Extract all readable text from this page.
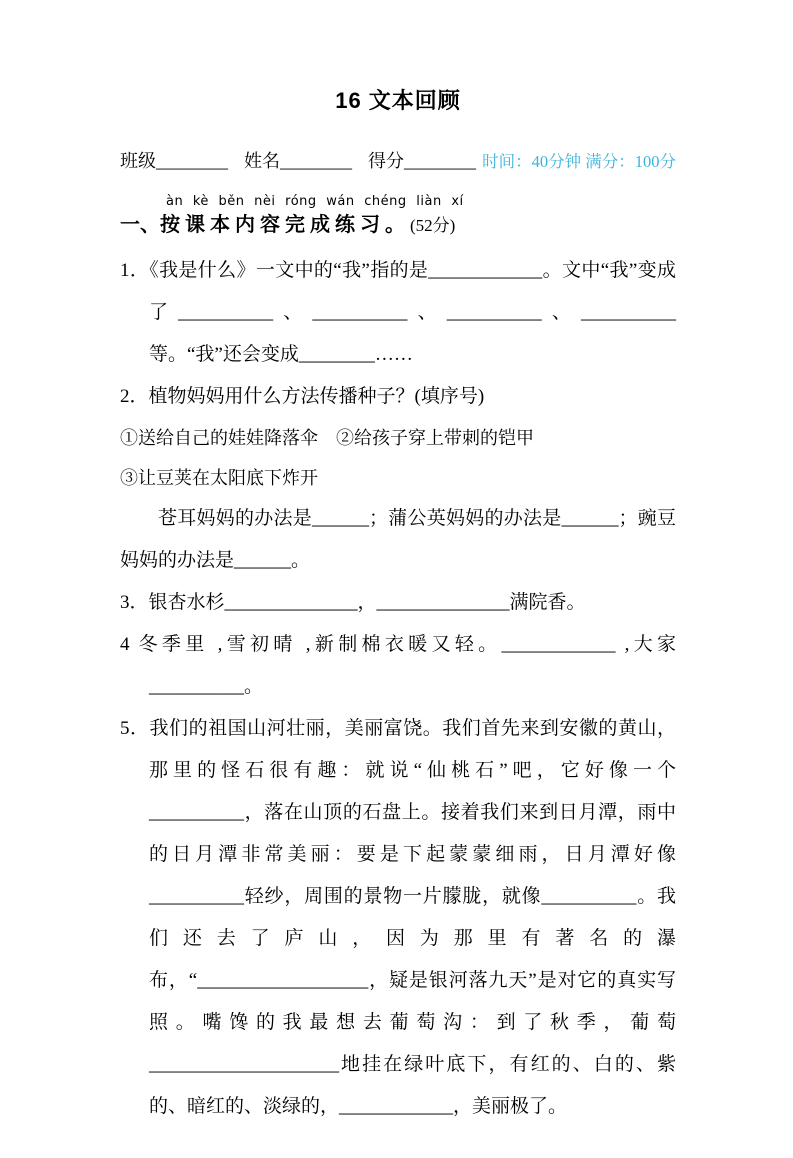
16 文本回顾
班级________ 姓名________ 得分________ 时间：40分钟 满分：100分
àn kè běn nèi róng wán chéng liàn xí
一、按课本内容完成练习。(52分)

1．《我是什么》一文中的“我”指的是____________。文中“我”变成了__________、__________、__________、__________等。“我”还会变成________……

2．植物妈妈用什么方法传播种子？(填序号)

①送给自己的娃娃降落伞　②给孩子穿上带刺的铠甲

③让豆荚在太阳底下炸开

苍耳妈妈的办法是______；蒲公英妈妈的办法是______；豌豆妈妈的办法是______。

3．银杏水杉______________，______________满院香。

4 冬季里 ,雪初晴 ,新制棉衣暖又轻。____________ ,大家__________。

5．我们的祖国山河壮丽，美丽富饶。我们首先来到安徽的黄山，那里的怪石很有趣：就说“仙桃石”吧，它好像一个__________，落在山顶的石盘上。接着我们来到日月潭，雨中的日月潭非常美丽：要是下起蒙蒙细雨，日月潭好像__________轻纱，周围的景物一片朦胧，就像__________。我们还去了庐山，因为那里有著名的瀑布，“__________________，疑是银河落九天”是对它的真实写照。嘴馋的我最想去葡萄沟：到了秋季，葡萄____________________地挂在绿叶底下，有红的、白的、紫的、暗红的、淡绿的，____________，美丽极了。
